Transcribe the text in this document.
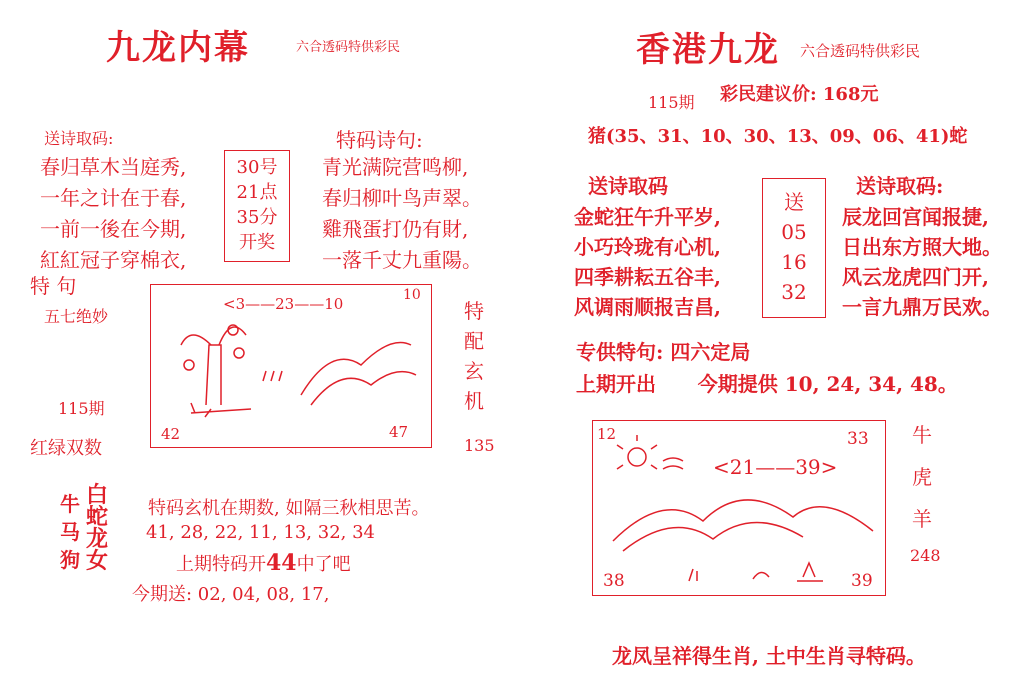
九龙内幕	六合透码特供彩民
送诗取码:
春归草木当庭秀,
一年之计在于春,
一前一後在今期,
紅紅冠子穿棉衣,
30号
21点
35分
开奖
特码诗句:
青光满院营鸣柳,
春归柳叶鸟声翠。
雞飛蛋打仍有財,
一落千丈九重陽。
特 句
五七绝妙
115期
红绿双数
<3——23——10	10
42	47
特
配
玄
机
135
牛
马
狗
白
蛇
龙
女
特码玄机在期数, 如隔三秋相思苦。
41, 28, 22, 11, 13, 32, 34
上期特码开44中了吧
今期送: 02, 04, 08, 17,
香港九龙 六合透码特供彩民
115期 彩民建议价: 168元
猪(35、31、10、30、13、09、06、41)蛇
送诗取码	送诗取码:
金蛇狂午升平岁,
小巧玲珑有心机,
四季耕耘五谷丰,
风调雨顺报吉昌,
送
05
16
32
辰龙回宫闻报捷,
日出东方照大地。
风云龙虎四门开,
一言九鼎万民欢。
专供特句: 四六定局
上期开出      今期提供 10, 24, 34, 48。
12
<21——39>
33
38	39
牛
虎
羊
248
龙凤呈祥得生肖, 土中生肖寻特码。
